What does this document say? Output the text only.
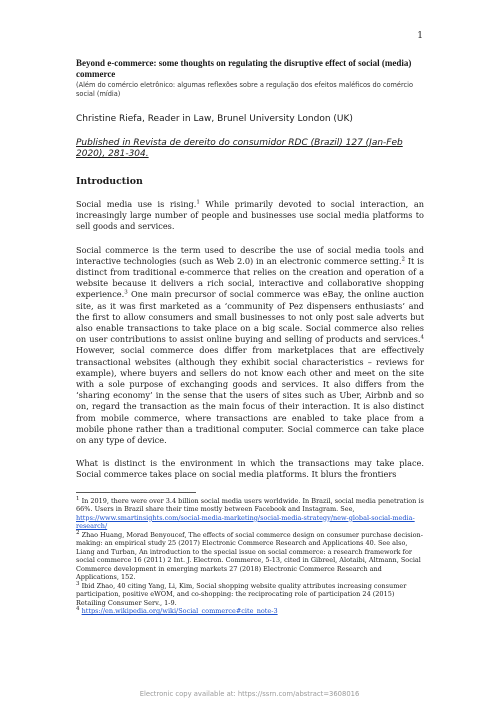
1

Beyond e-commerce: some thoughts on regulating the disruptive effect of social (media) commerce

(Além do comércio eletrônico: algumas reflexões sobre a regulação dos efeitos maléficos do comércio social (mídia)

Christine Riefa, Reader in Law, Brunel University London (UK)

Published in Revista de dereito do consumidor RDC (Brazil) 127 (Jan-Feb 2020), 281-304.

Introduction

Social media use is rising.$^1$ While primarily devoted to social interaction, an increasingly large number of people and businesses use social media platforms to sell goods and services.

Social commerce is the term used to describe the use of social media tools and interactive technologies (such as Web 2.0) in an electronic commerce setting.$^2$ It is distinct from traditional e-commerce that relies on the creation and operation of a website because it delivers a rich social, interactive and collaborative shopping experience.$^3$ One main precursor of social commerce was eBay, the online auction site, as it was first marketed as a ‘community of Pez dispensers enthusiasts’ and the first to allow consumers and small businesses to not only post sale adverts but also enable transactions to take place on a big scale. Social commerce also relies on user contributions to assist online buying and selling of products and services.$^4$ However, social commerce does differ from marketplaces that are effectively transactional websites (although they exhibit social characteristics – reviews for example), where buyers and sellers do not know each other and meet on the site with a sole purpose of exchanging goods and services. It also differs from the ‘sharing economy’ in the sense that the users of sites such as Uber, Airbnb and so on, regard the transaction as the main focus of their interaction. It is also distinct from mobile commerce, where transactions are enabled to take place from a mobile phone rather than a traditional computer. Social commerce can take place on any type of device.

What is distinct is the environment in which the transactions may take place. Social commerce takes place on social media platforms. It blurs the frontiers

$^1$ In 2019, there were over 3.4 billion social media users worldwide. In Brazil, social media penetration is 66%. Users in Brazil share their time mostly between Facebook and Instagram. See, https://www.smartinsights.com/social-media-marketing/social-media-strategy/new-global-social-media-research/

$^2$ Zhao Huang, Morad Benyoucef, The effects of social commerce design on consumer purchase decision-making: an empirical study 25 (2017) Electronic Commerce Research and Applications 40. See also, Liang and Turban, An introduction to the special issue on social commerce: a research framework for social commerce 16 (2011) 2 Int. J. Electron. Commerce, 5-13, cited in Gibreel, Alotaibi, Altmann, Social Commerce development in emerging markets 27 (2018) Electronic Commerce Research and Applications, 152.

$^3$ Ibid Zhao, 40 citing Yang, Li, Kim, Social shopping website quality attributes increasing consumer participation, positive eWOM, and co-shopping: the reciprocating role of participation 24 (2015) Retailing Consumer Serv., 1-9.

$^4$ https://en.wikipedia.org/wiki/Social_commerce#cite_note-3

Electronic copy available at: https://ssrn.com/abstract=3608016
